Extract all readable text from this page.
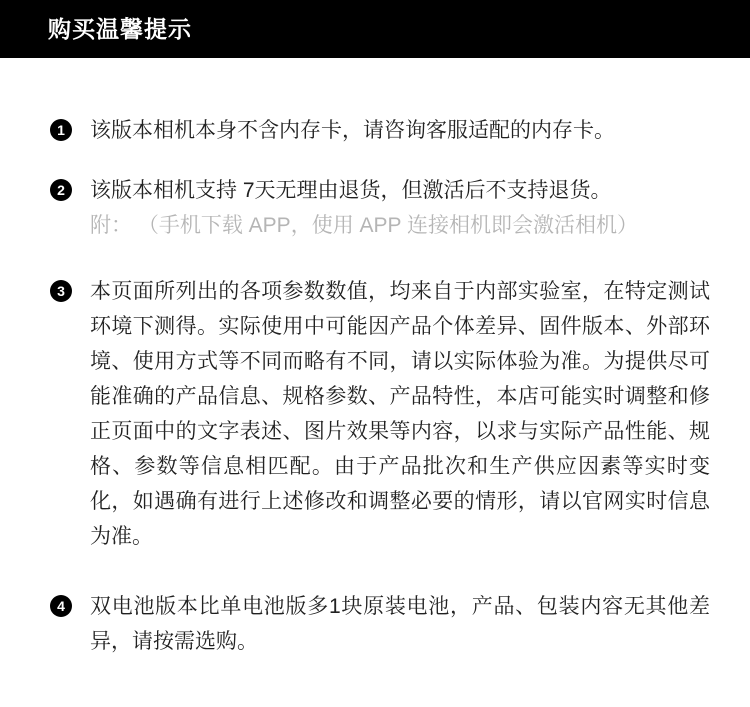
购买温馨提示
1	该版本相机本身不含内存卡，请咨询客服适配的内存卡。

2	该版本相机支持 7天无理由退货，但激活后不支持退货。

附： （手机下载 APP，使用 APP 连接相机即会激活相机）

3	本页面所列出的各项参数数值，均来自于内部实验室，在特定测试环境下测得。实际使用中可能因产品个体差异、固件版本、外部环境、使用方式等不同而略有不同，请以实际体验为准。为提供尽可能准确的产品信息、规格参数、产品特性，本店可能实时调整和修正页面中的文字表述、图片效果等内容，以求与实际产品性能、规格、参数等信息相匹配。由于产品批次和生产供应因素等实时变化，如遇确有进行上述修改和调整必要的情形，请以官网实时信息为准。

4	双电池版本比单电池版多1块原装电池，产品、包装内容无其他差异，请按需选购。
